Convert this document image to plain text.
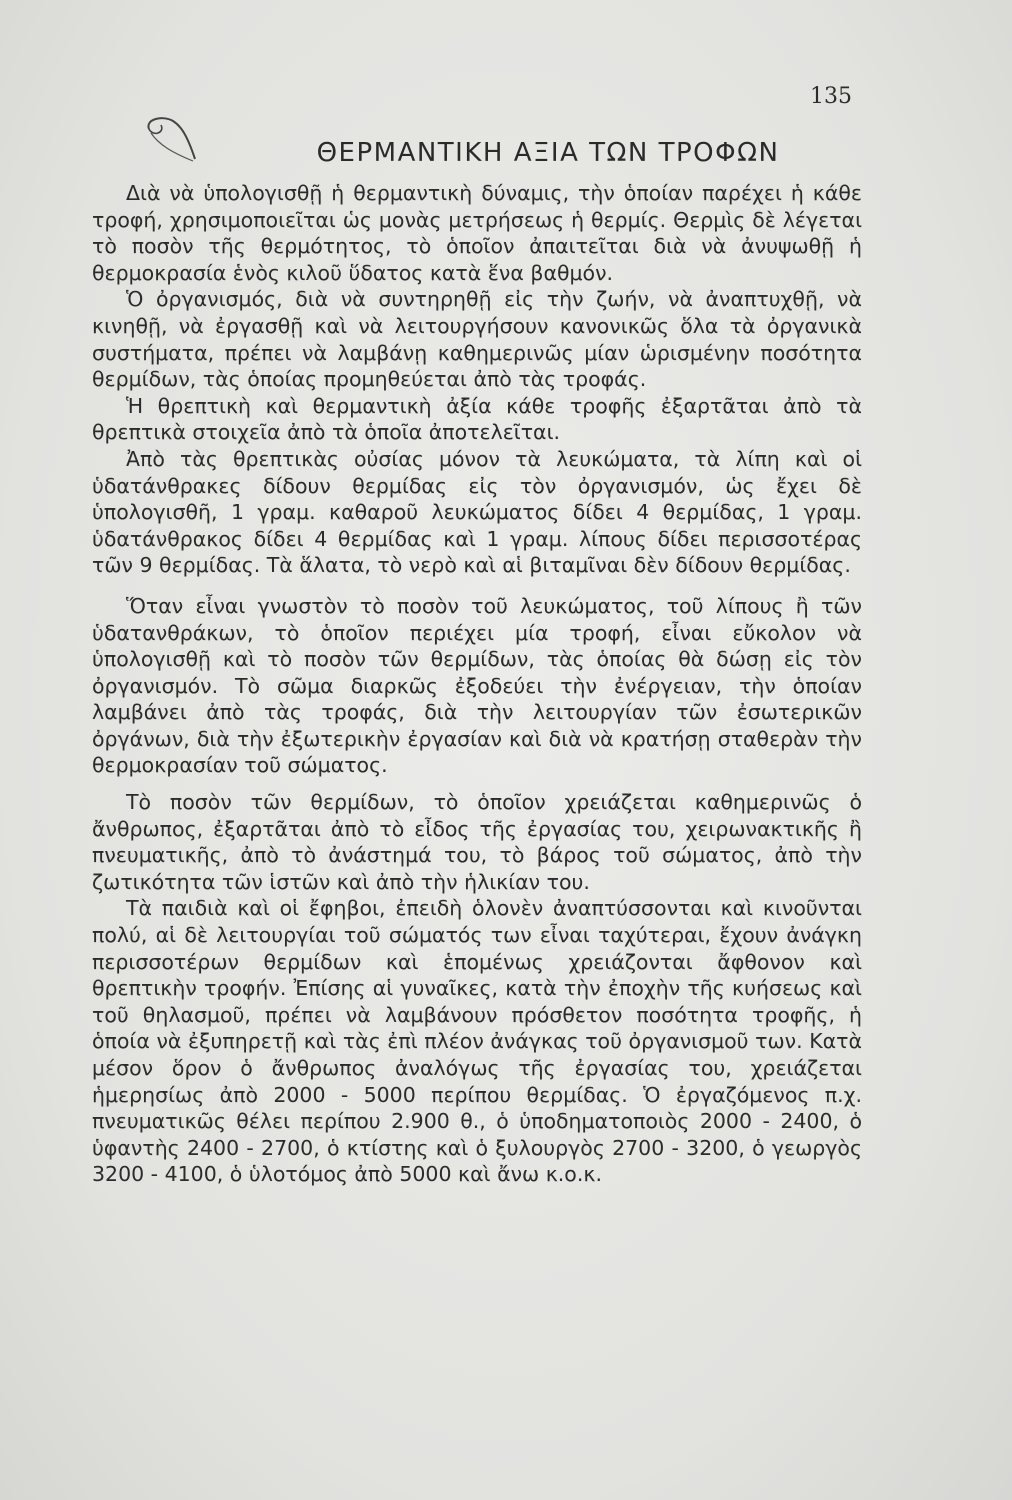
135
ΘΕΡΜΑΝΤΙΚΗ ΑΞΙΑ ΤΩΝ ΤΡΟΦΩΝ

Διὰ νὰ ὑπολογισθῇ ἡ θερμαντικὴ δύναμις, τὴν ὁποίαν παρέχει ἡ κάθε τροφή, χρησιμοποιεῖται ὡς μονὰς μετρήσεως ἡ θερμίς. Θερμὶς δὲ λέγεται τὸ ποσὸν τῆς θερμότητος, τὸ ὁποῖον ἀπαιτεῖται διὰ νὰ ἀνυψωθῇ ἡ θερμοκρασία ἑνὸς κιλοῦ ὕδατος κατὰ ἕνα βαθμόν.

Ὁ ὀργανισμός, διὰ νὰ συντηρηθῇ εἰς τὴν ζωήν, νὰ ἀναπτυχθῇ, νὰ κινηθῇ, νὰ ἐργασθῇ καὶ νὰ λειτουργήσουν κανονικῶς ὅλα τὰ ὀργανικὰ συστήματα, πρέπει νὰ λαμβάνῃ καθημερινῶς μίαν ὡρισμένην ποσότητα θερμίδων, τὰς ὁποίας προμηθεύεται ἀπὸ τὰς τροφάς.

Ἡ θρεπτικὴ καὶ θερμαντικὴ ἀξία κάθε τροφῆς ἐξαρτᾶται ἀπὸ τὰ θρεπτικὰ στοιχεῖα ἀπὸ τὰ ὁποῖα ἀποτελεῖται.

Ἀπὸ τὰς θρεπτικὰς οὐσίας μόνον τὰ λευκώματα, τὰ λίπη καὶ οἱ ὑδατάνθρακες δίδουν θερμίδας εἰς τὸν ὀργανισμόν, ὡς ἔχει δὲ ὑπολογισθῆ, 1 γραμ. καθαροῦ λευκώματος δίδει 4 θερμίδας, 1 γραμ. ὑδατάνθρακος δίδει 4 θερμίδας καὶ 1 γραμ. λίπους δίδει περισσοτέρας τῶν 9 θερμίδας. Τὰ ἅλατα, τὸ νερὸ καὶ αἱ βιταμῖναι δὲν δίδουν θερμίδας.

Ὅταν εἶναι γνωστὸν τὸ ποσὸν τοῦ λευκώματος, τοῦ λίπους ἢ τῶν ὑδατανθράκων, τὸ ὁποῖον περιέχει μία τροφή, εἶναι εὔκολον νὰ ὑπολογισθῇ καὶ τὸ ποσὸν τῶν θερμίδων, τὰς ὁποίας θὰ δώσῃ εἰς τὸν ὀργανισμόν. Τὸ σῶμα διαρκῶς ἐξοδεύει τὴν ἐνέργειαν, τὴν ὁποίαν λαμβάνει ἀπὸ τὰς τροφάς, διὰ τὴν λειτουργίαν τῶν ἐσωτερικῶν ὀργάνων, διὰ τὴν ἐξωτερικὴν ἐργασίαν καὶ διὰ νὰ κρατήσῃ σταθερὰν τὴν θερμοκρασίαν τοῦ σώματος.

Τὸ ποσὸν τῶν θερμίδων, τὸ ὁποῖον χρειάζεται καθημερινῶς ὁ ἄνθρωπος, ἐξαρτᾶται ἀπὸ τὸ εἶδος τῆς ἐργασίας του, χειρωνακτικῆς ἢ πνευματικῆς, ἀπὸ τὸ ἀνάστημά του, τὸ βάρος τοῦ σώματος, ἀπὸ τὴν ζωτικότητα τῶν ἱστῶν καὶ ἀπὸ τὴν ἡλικίαν του.

Τὰ παιδιὰ καὶ οἱ ἔφηβοι, ἐπειδὴ ὁλονὲν ἀναπτύσσονται καὶ κινοῦνται πολύ, αἱ δὲ λειτουργίαι τοῦ σώματός των εἶναι ταχύτεραι, ἔχουν ἀνάγκη περισσοτέρων θερμίδων καὶ ἑπομένως χρειάζονται ἄφθονον καὶ θρεπτικὴν τροφήν. Ἐπίσης αἱ γυναῖκες, κατὰ τὴν ἐποχὴν τῆς κυήσεως καὶ τοῦ θηλασμοῦ, πρέπει νὰ λαμβάνουν πρόσθετον ποσότητα τροφῆς, ἡ ὁποία νὰ ἐξυπηρετῇ καὶ τὰς ἐπὶ πλέον ἀνάγκας τοῦ ὀργανισμοῦ των. Κατὰ μέσον ὅρον ὁ ἄνθρωπος ἀναλόγως τῆς ἐργασίας του, χρειάζεται ἡμερησίως ἀπὸ 2000 - 5000 περίπου θερμίδας. Ὁ ἐργαζόμενος π.χ. πνευματικῶς θέλει περίπου 2.900 θ., ὁ ὑποδηματοποιὸς 2000 - 2400, ὁ ὑφαντὴς 2400 - 2700, ὁ κτίστης καὶ ὁ ξυλουργὸς 2700 - 3200, ὁ γεωργὸς 3200 - 4100, ὁ ὑλοτόμος ἀπὸ 5000 καὶ ἄνω κ.ο.κ.
